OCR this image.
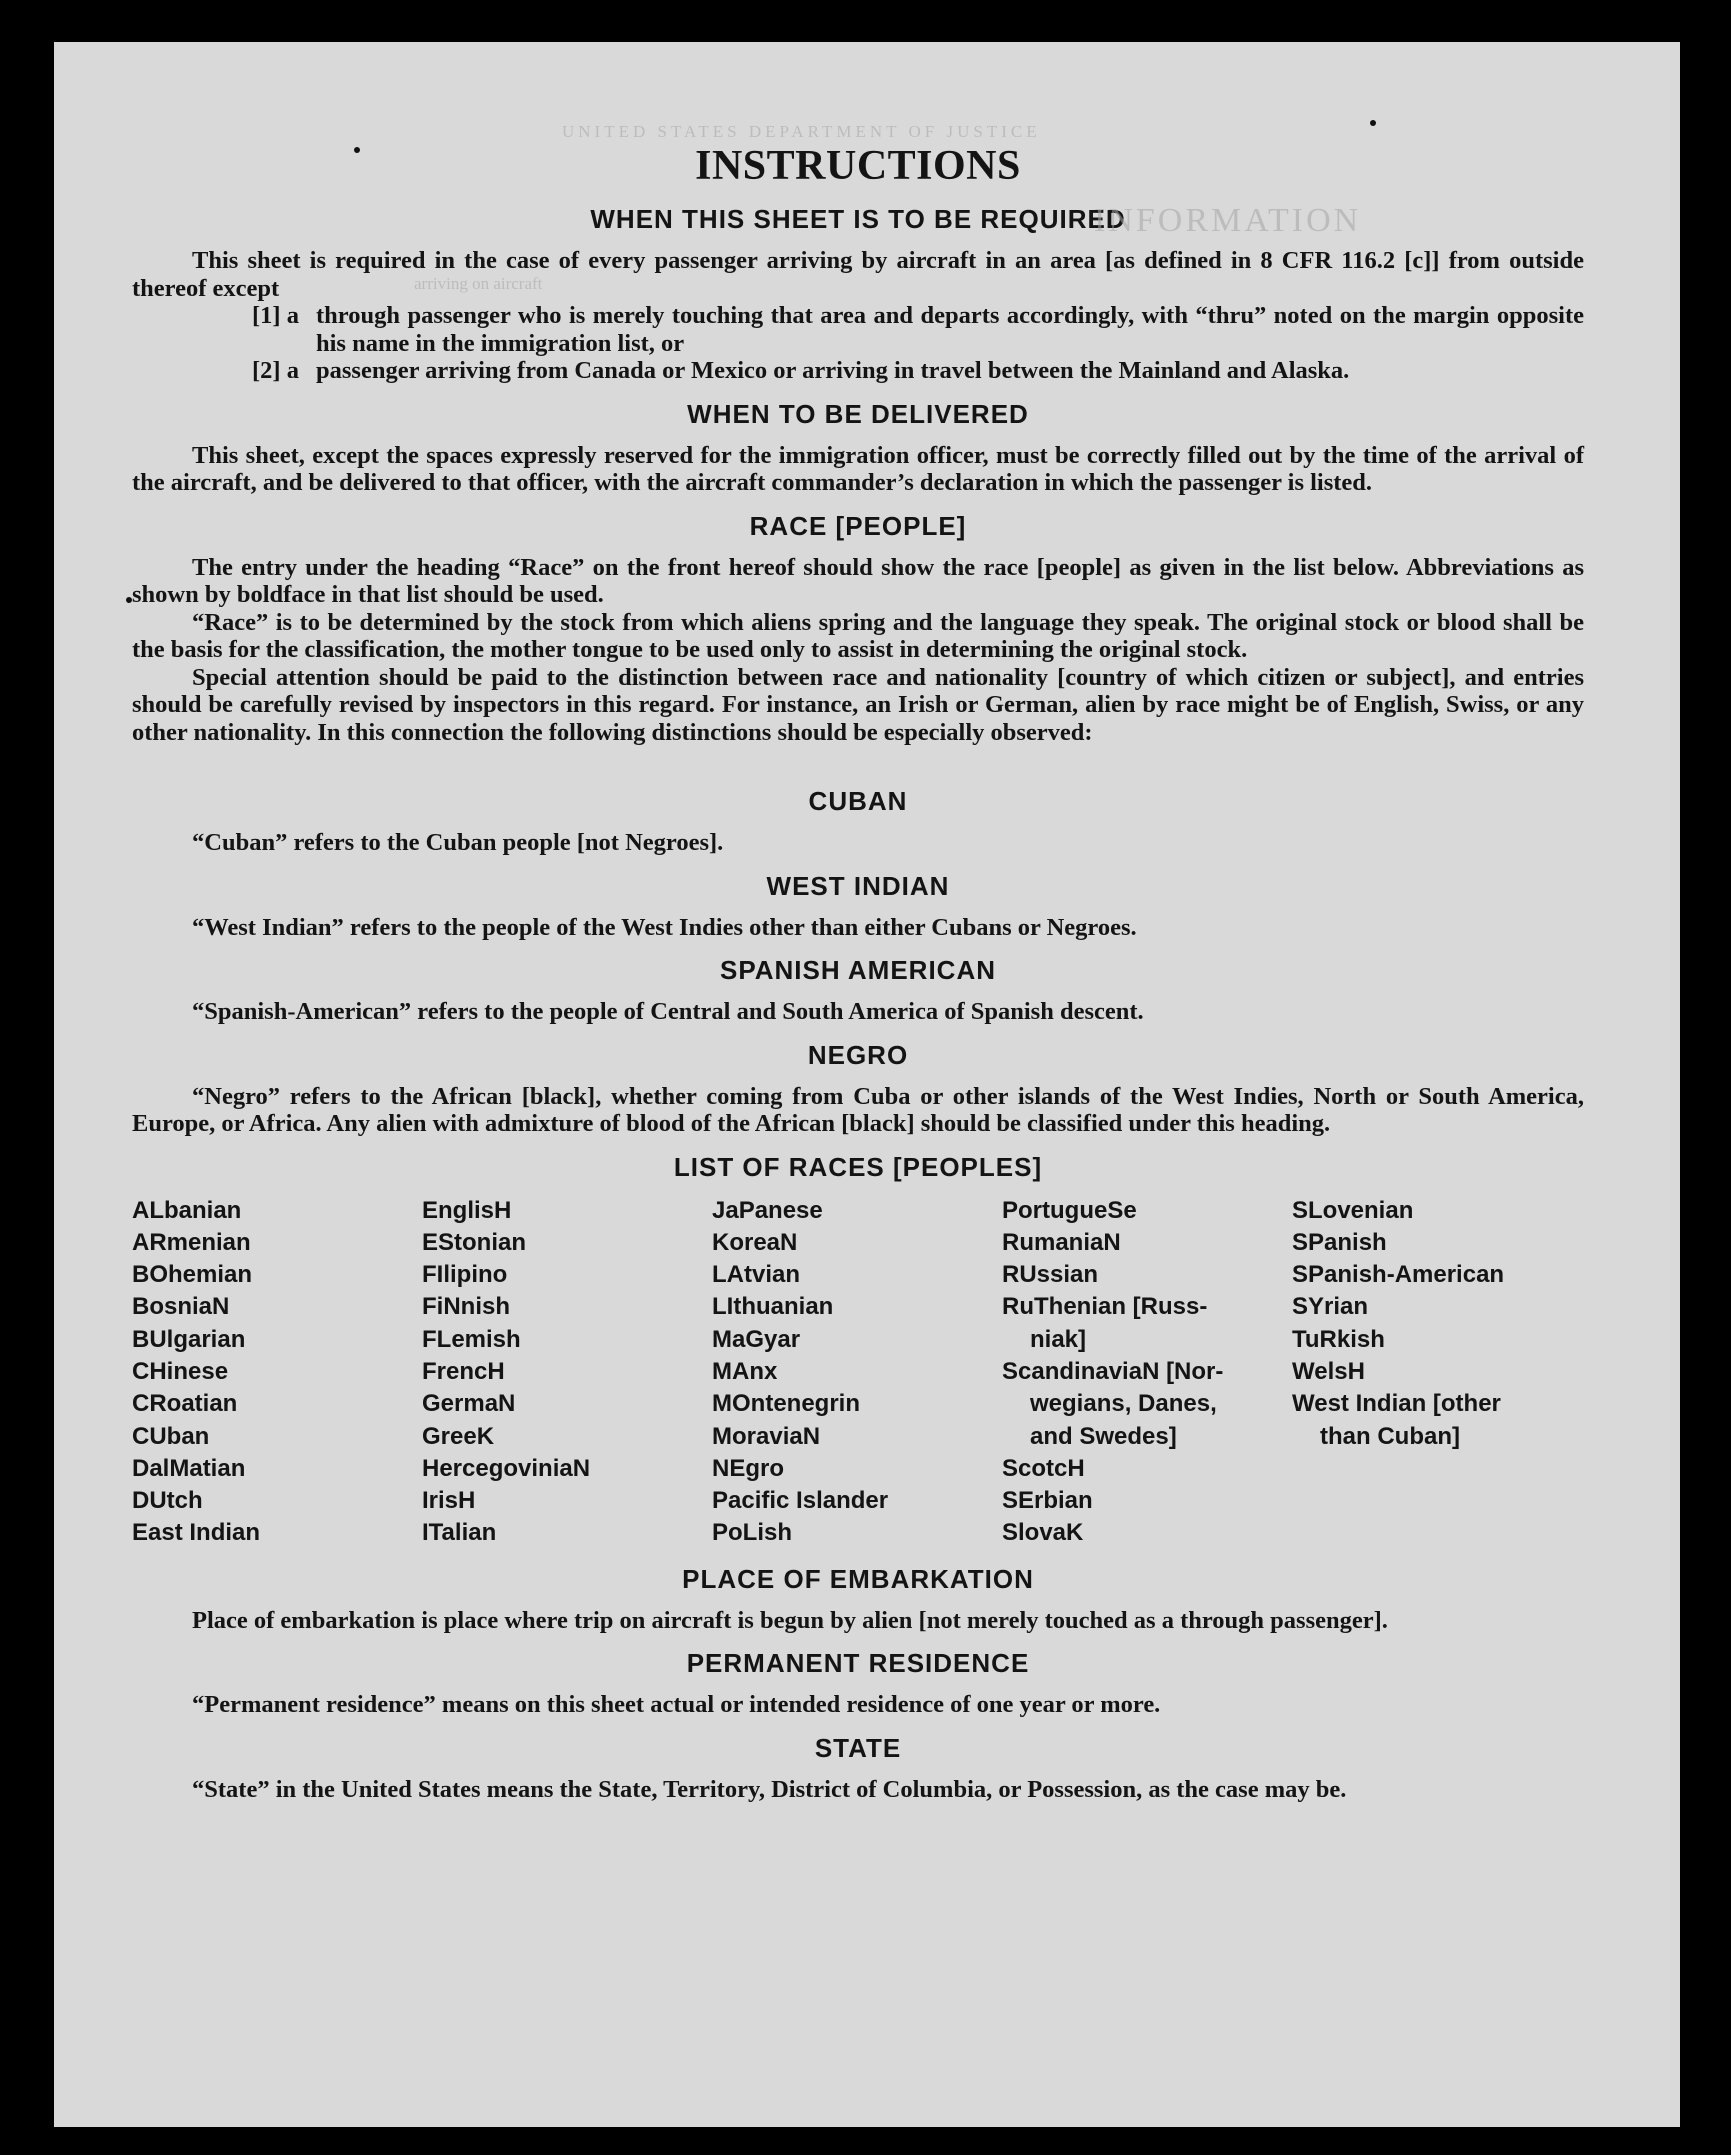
UNITED STATES DEPARTMENT OF JUSTICE
INFORMATION
arriving on aircraft
INSTRUCTIONS
WHEN THIS SHEET IS TO BE REQUIRED

This sheet is required in the case of every passenger arriving by aircraft in an area [as defined in 8 CFR 116.2 [c]] from outside thereof except

[1] a through passenger who is merely touching that area and departs accordingly, with “thru” noted on the margin opposite his name in the immigration list, or

[2] a passenger arriving from Canada or Mexico or arriving in travel between the Mainland and Alaska.

WHEN TO BE DELIVERED

This sheet, except the spaces expressly reserved for the immigration officer, must be correctly filled out by the time of the arrival of the aircraft, and be delivered to that officer, with the aircraft commander’s declaration in which the passenger is listed.

RACE [PEOPLE]

The entry under the heading “Race” on the front hereof should show the race [people] as given in the list below. Abbreviations as shown by boldface in that list should be used.

“Race” is to be determined by the stock from which aliens spring and the language they speak. The original stock or blood shall be the basis for the classification, the mother tongue to be used only to assist in determining the original stock.

Special attention should be paid to the distinction between race and nationality [country of which citizen or subject], and entries should be carefully revised by inspectors in this regard. For instance, an Irish or German, alien by race might be of English, Swiss, or any other nationality. In this connection the following distinctions should be especially observed:

CUBAN

“Cuban” refers to the Cuban people [not Negroes].

WEST INDIAN

“West Indian” refers to the people of the West Indies other than either Cubans or Negroes.

SPANISH AMERICAN

“Spanish-American” refers to the people of Central and South America of Spanish descent.

NEGRO

“Negro” refers to the African [black], whether coming from Cuba or other islands of the West Indies, North or South America, Europe, or Africa. Any alien with admixture of blood of the African [black] should be classified under this heading.

LIST OF RACES [PEOPLES]
ALbanian
ARmenian
BOhemian
BosniaN
BUlgarian
CHinese
CRoatian
CUban
DalMatian
DUtch
East Indian
EnglisH
EStonian
FIlipino
FiNnish
FLemish
FrencH
GermaN
GreeK
HercegoviniaN
IrisH
ITalian
JaPanese
KoreaN
LAtvian
LIthuanian
MaGyar
MAnx
MOntenegrin
MoraviaN
NEgro
Pacific Islander
PoLish
PortugueSe
RumaniaN
RUssian
RuThenian [Russ-
niak]
ScandinaviaN [Nor-
wegians, Danes,
and Swedes]
ScotcH
SErbian
SlovaK
SLovenian
SPanish
SPanish-American
SYrian
TuRkish
WelsH
West Indian [other
than Cuban]
PLACE OF EMBARKATION

Place of embarkation is place where trip on aircraft is begun by alien [not merely touched as a through passenger].

PERMANENT RESIDENCE

“Permanent residence” means on this sheet actual or intended residence of one year or more.

STATE

“State” in the United States means the State, Territory, District of Columbia, or Possession, as the case may be.
